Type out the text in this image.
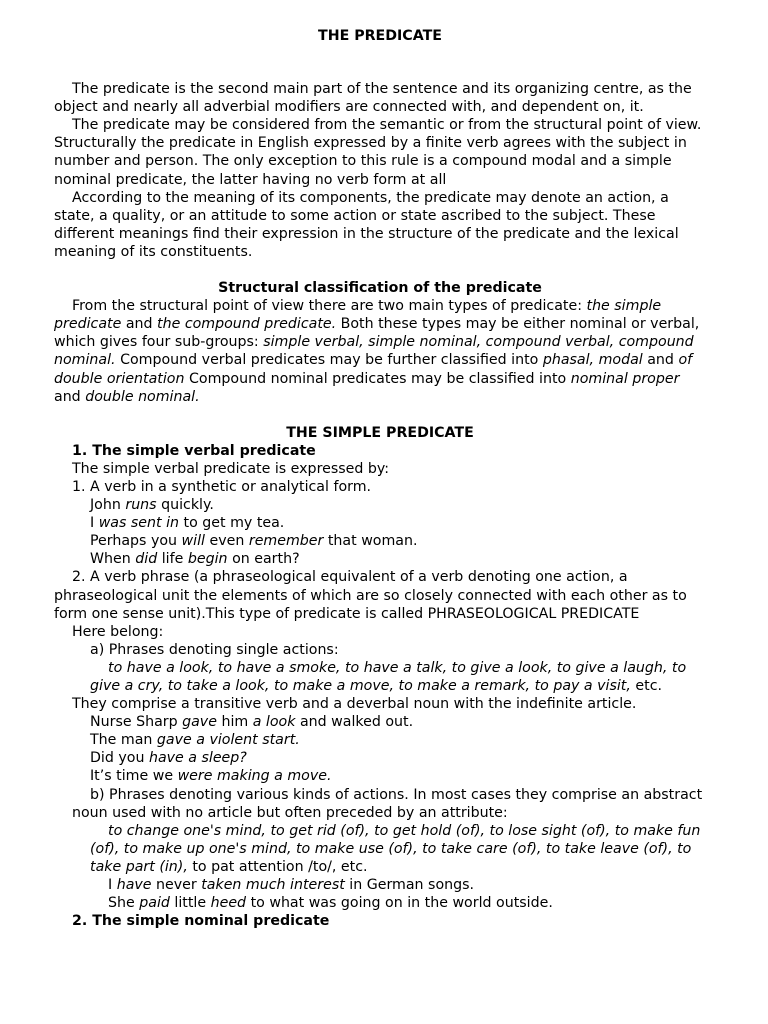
THE PREDICATE

The predicate is the second main part of the sentence and its organizing centre, as the object and nearly all adverbial modifiers are connected with, and dependent on, it.

The predicate may be considered from the semantic or from the structural point of view. Structurally the predicate in English expressed by a finite verb agrees with the subject in number and person. The only exception to this rule is a compound modal and a simple nominal predicate, the latter having no verb form at all

According to the meaning of its components, the predicate may denote an action, a state, a quality, or an attitude to some action or state ascribed to the subject. These different meanings find their expression in the structure of the predicate and the lexical meaning of its constituents.

Structural classification of the predicate

From the structural point of view there are two main types of predicate: the simple predicate and the compound predicate. Both these types may be either nominal or verbal, which gives four sub-groups: simple verbal, simple nominal, compound verbal, compound nominal. Compound verbal predicates may be further classified into phasal, modal and of double orientation Compound nominal predicates may be classified into nominal proper and double nominal.

THE SIMPLE PREDICATE

1. The simple verbal predicate

The simple verbal predicate is expressed by:

1. A verb in a synthetic or analytical form.

John runs quickly.

I was sent in to get my tea.

Perhaps you will even remember that woman.

When did life begin on earth?

2. A verb phrase (a phraseological equivalent of a verb denoting one action, a phraseological unit the elements of which are so closely connected with each other as to form one sense unit).This type of predicate is called PHRASEOLOGICAL PREDICATE

Here belong:

a) Phrases denoting single actions:

to have a look, to have a smoke, to have a talk, to give a look, to give a laugh, to give a cry, to take a look, to make a move, to make a remark, to pay a visit, etc.

They comprise a transitive verb and a deverbal noun with the indefinite article.

Nurse Sharp gave him a look and walked out.

The man gave a violent start.

Did you have a sleep?

It’s time we were making a move.

b) Phrases denoting various kinds of actions. In most cases they comprise an abstract noun used with no article but often preceded by an attribute:

to change one's mind, to get rid (of), to get hold (of), to lose sight (of), to make fun (of), to make up one's mind, to make use (of), to take care (of), to take leave (of), to take part (in), to pat attention /to/, etc.

I have never taken much interest in German songs.

She paid little heed to what was going on in the world outside.

2. The simple nominal predicate
